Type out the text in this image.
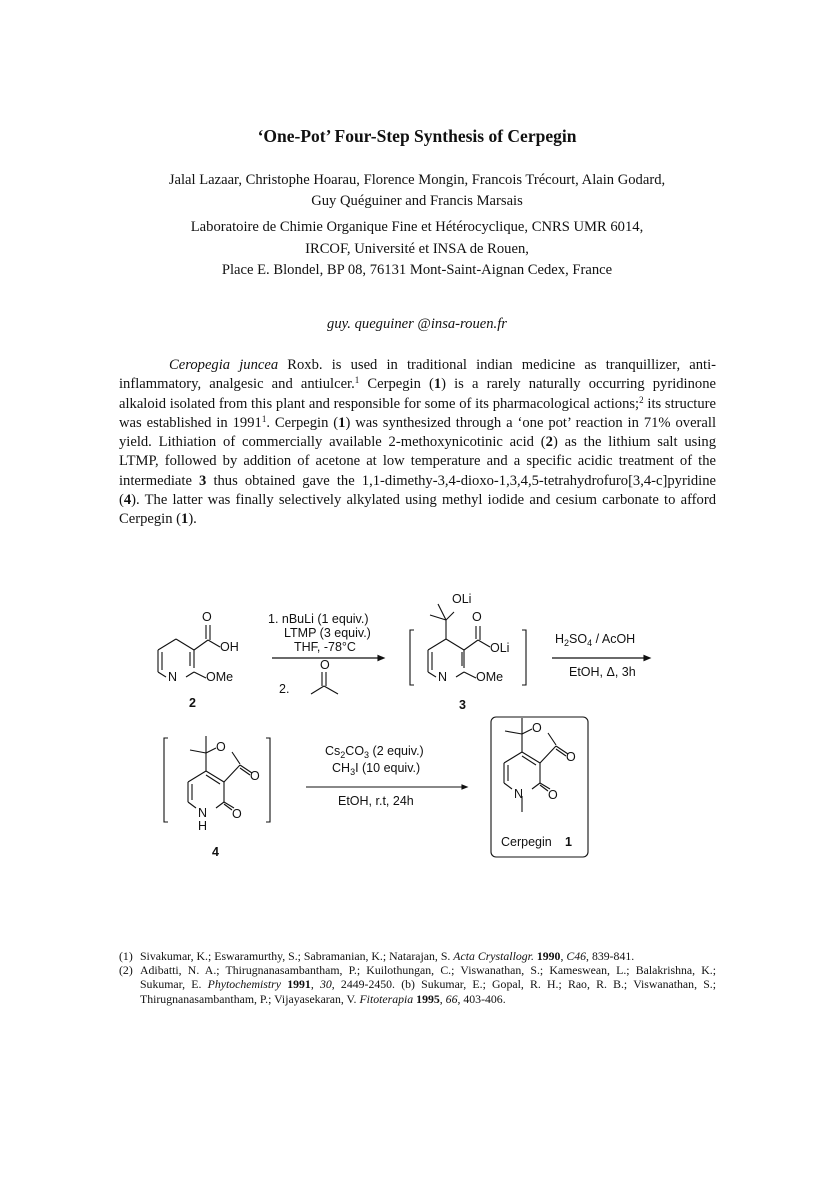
‘One-Pot’ Four-Step Synthesis of Cerpegin
Jalal Lazaar, Christophe Hoarau, Florence Mongin, Francois Trécourt, Alain Godard,
Guy Quéguiner and Francis Marsais
Laboratoire de Chimie Organique Fine et Hétérocyclique, CNRS UMR 6014,
IRCOF, Université et INSA de Rouen,
Place E. Blondel, BP 08, 76131 Mont-Saint-Aignan Cedex, France
guy. queguiner @insa-rouen.fr

Ceropegia juncea Roxb. is used in traditional indian medicine as tranquillizer, anti-inflammatory, analgesic and antiulcer.$^1$ Cerpegin (1) is a rarely naturally occurring pyridinone alkaloid isolated from this plant and responsible for some of its pharmacological actions;$^2$ its structure was established in 1991$^1$. Cerpegin (1) was synthesized through a ‘one pot’ reaction in 71% overall yield. Lithiation of commercially available 2-methoxynicotinic acid (2) as the lithium salt using LTMP, followed by addition of acetone at low temperature and a specific acidic treatment of the intermediate 3 thus obtained gave the 1,1-dimethy-3,4-dioxo-1,3,4,5-tetrahydrofuro[3,4-c]pyridine (4). The latter was finally selectively alkylated using methyl iodide and cesium carbonate to afford Cerpegin (1).

O
OH
N OMe
2
1. nBuLi (1 equiv.)
LTMP (3 equiv.)
THF, -78°C
2.
O
OLi
O
OLi
N OMe
3
$H_2SO_4$ / AcOH
EtOH, Δ, 3h
O
O
O
N
H
4
$Cs_2CO_3$ (2 equiv.)
$CH_3I$ (10 equiv.)
EtOH, r.t, 24h
O
O
O
N
Cerpegin 1

(1) Sivakumar, K.; Eswaramurthy, S.; Sabramanian, K.; Natarajan, S. Acta Crystallogr. 1990, C46, 839-841.

(2) Adibatti, N. A.; Thirugnanasambantham, P.; Kuilothungan, C.; Viswanathan, S.; Kameswean, L.; Balakrishna, K.; Sukumar, E. Phytochemistry 1991, 30, 2449-2450. (b) Sukumar, E.; Gopal, R. H.; Rao, R. B.; Viswanathan, S.; Thirugnanasambantham, P.; Vijayasekaran, V. Fitoterapia 1995, 66, 403-406.
